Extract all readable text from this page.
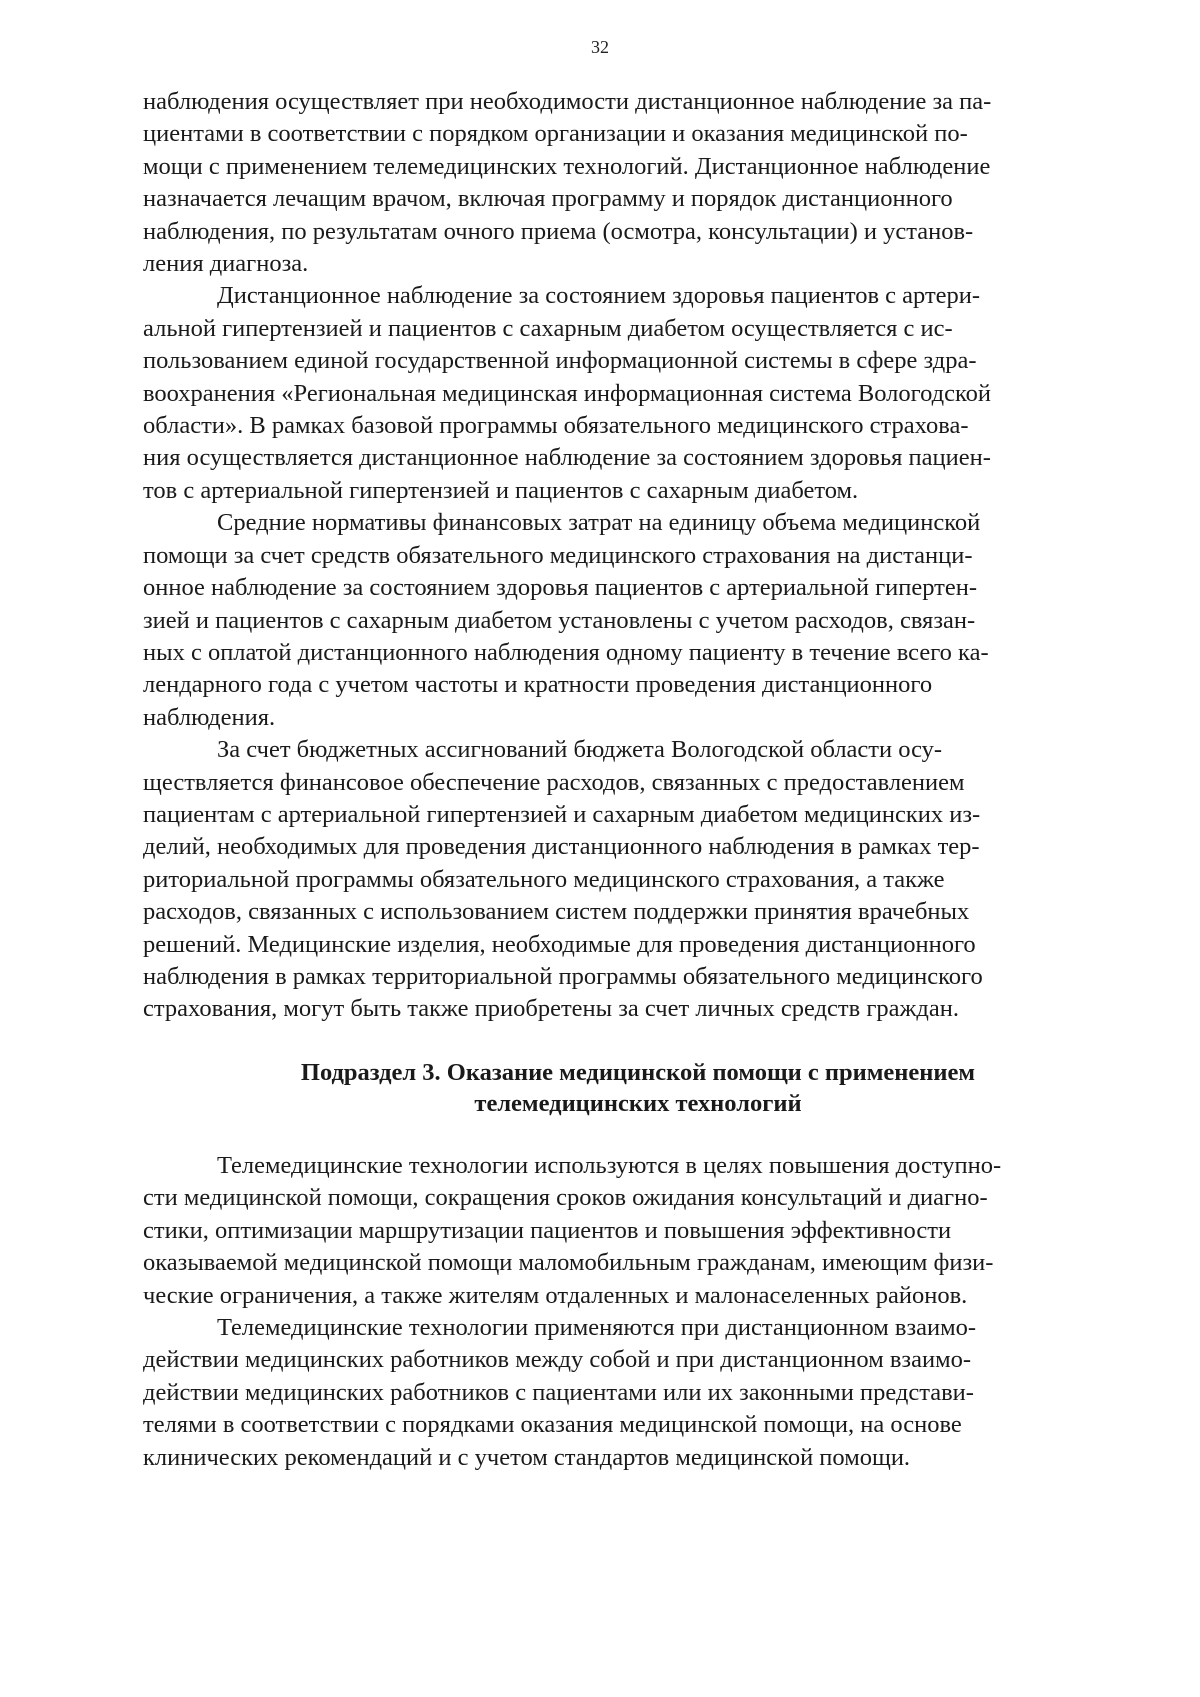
32

наблюдения осуществляет при необходимости дистанционное наблюдение за па-
циентами в соответствии с порядком организации и оказания медицинской по-
мощи с применением телемедицинских технологий. Дистанционное наблюдение
назначается лечащим врачом, включая программу и порядок дистанционного
наблюдения, по результатам очного приема (осмотра, консультации) и установ-
ления диагноза.

Дистанционное наблюдение за состоянием здоровья пациентов с артери-
альной гипертензией и пациентов с сахарным диабетом осуществляется с ис-
пользованием единой государственной информационной системы в сфере здра-
воохранения «Региональная медицинская информационная система Вологодской
области». В рамках базовой программы обязательного медицинского страхова-
ния осуществляется дистанционное наблюдение за состоянием здоровья пациен-
тов с артериальной гипертензией и пациентов с сахарным диабетом.

Средние нормативы финансовых затрат на единицу объема медицинской
помощи за счет средств обязательного медицинского страхования на дистанци-
онное наблюдение за состоянием здоровья пациентов с артериальной гипертен-
зией и пациентов с сахарным диабетом установлены с учетом расходов, связан-
ных с оплатой дистанционного наблюдения одному пациенту в течение всего ка-
лендарного года с учетом частоты и кратности проведения дистанционного
наблюдения.

За счет бюджетных ассигнований бюджета Вологодской области осу-
ществляется финансовое обеспечение расходов, связанных с предоставлением
пациентам с артериальной гипертензией и сахарным диабетом медицинских из-
делий, необходимых для проведения дистанционного наблюдения в рамках тер-
риториальной программы обязательного медицинского страхования, а также
расходов, связанных с использованием систем поддержки принятия врачебных
решений. Медицинские изделия, необходимые для проведения дистанционного
наблюдения в рамках территориальной программы обязательного медицинского
страхования, могут быть также приобретены за счет личных средств граждан.

Подраздел 3. Оказание медицинской помощи с применением
телемедицинских технологий

Телемедицинские технологии используются в целях повышения доступно-
сти медицинской помощи, сокращения сроков ожидания консультаций и диагно-
стики, оптимизации маршрутизации пациентов и повышения эффективности
оказываемой медицинской помощи маломобильным гражданам, имеющим физи-
ческие ограничения, а также жителям отдаленных и малонаселенных районов.

Телемедицинские технологии применяются при дистанционном взаимо-
действии медицинских работников между собой и при дистанционном взаимо-
действии медицинских работников с пациентами или их законными представи-
телями в соответствии с порядками оказания медицинской помощи, на основе
клинических рекомендаций и с учетом стандартов медицинской помощи.
